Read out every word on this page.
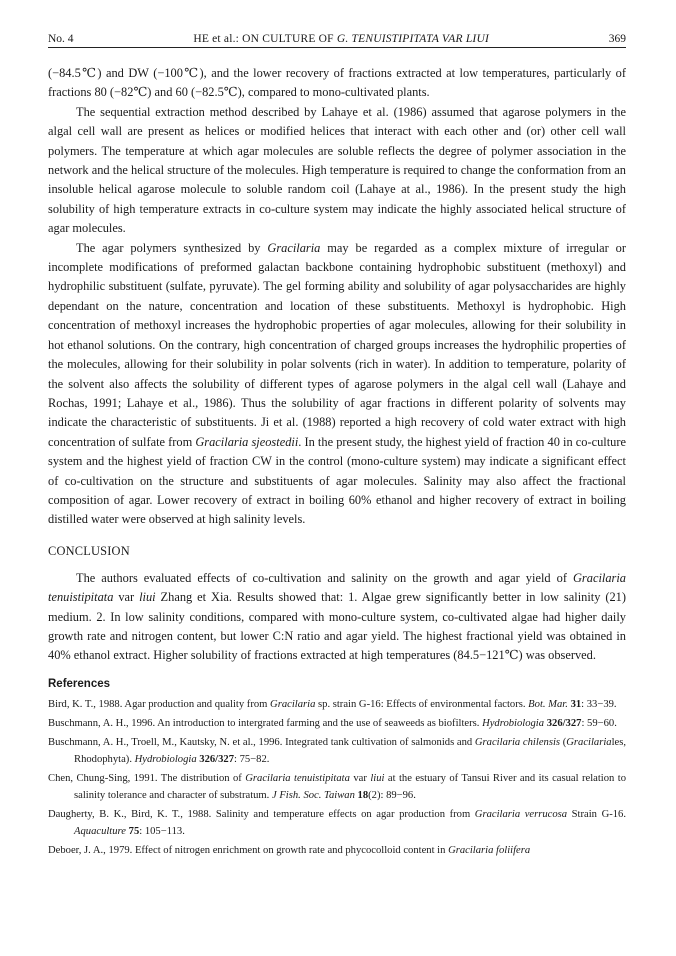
No. 4	HE et al.: ON CULTURE OF G. TENUISTIPITATA VAR LIUI	369

(−84.5℃) and DW (−100℃), and the lower recovery of fractions extracted at low temperatures, particularly of fractions 80 (−82℃) and 60 (−82.5℃), compared to mono-cultivated plants.

The sequential extraction method described by Lahaye et al. (1986) assumed that agarose polymers in the algal cell wall are present as helices or modified helices that interact with each other and (or) other cell wall polymers. The temperature at which agar molecules are soluble reflects the degree of polymer association in the network and the helical structure of the molecules. High temperature is required to change the conformation from an insoluble helical agarose molecule to soluble random coil (Lahaye at al., 1986). In the present study the high solubility of high temperature extracts in co-culture system may indicate the highly associated helical structure of agar molecules.

The agar polymers synthesized by Gracilaria may be regarded as a complex mixture of irregular or incomplete modifications of preformed galactan backbone containing hydrophobic substituent (methoxyl) and hydrophilic substituent (sulfate, pyruvate). The gel forming ability and solubility of agar polysaccharides are highly dependant on the nature, concentration and location of these substituents. Methoxyl is hydrophobic. High concentration of methoxyl increases the hydrophobic properties of agar molecules, allowing for their solubility in hot ethanol solutions. On the contrary, high concentration of charged groups increases the hydrophilic properties of the molecules, allowing for their solubility in polar solvents (rich in water). In addition to temperature, polarity of the solvent also affects the solubility of different types of agarose polymers in the algal cell wall (Lahaye and Rochas, 1991; Lahaye et al., 1986). Thus the solubility of agar fractions in different polarity of solvents may indicate the characteristic of substituents. Ji et al. (1988) reported a high recovery of cold water extract with high concentration of sulfate from Gracilaria sjeostedii. In the present study, the highest yield of fraction 40 in co-culture system and the highest yield of fraction CW in the control (mono-culture system) may indicate a significant effect of co-cultivation on the structure and substituents of agar molecules. Salinity may also affect the fractional composition of agar. Lower recovery of extract in boiling 60% ethanol and higher recovery of extract in boiling distilled water were observed at high salinity levels.

CONCLUSION

The authors evaluated effects of co-cultivation and salinity on the growth and agar yield of Gracilaria tenuistipitata var liui Zhang et Xia. Results showed that: 1. Algae grew significantly better in low salinity (21) medium. 2. In low salinity conditions, compared with mono-culture system, co-cultivated algae had higher daily growth rate and nitrogen content, but lower C:N ratio and agar yield. The highest fractional yield was obtained in 40% ethanol extract. Higher solubility of fractions extracted at high temperatures (84.5−121℃) was observed.

References

Bird, K. T., 1988. Agar production and quality from Gracilaria sp. strain G-16: Effects of environmental factors. Bot. Mar. 31: 33−39.

Buschmann, A. H., 1996. An introduction to intergrated farming and the use of seaweeds as biofilters. Hydrobiologia 326/327: 59−60.

Buschmann, A. H., Troell, M., Kautsky, N. et al., 1996. Integrated tank cultivation of salmonids and Gracilaria chilensis (Gracilariales, Rhodophyta). Hydrobiologia 326/327: 75−82.

Chen, Chung-Sing, 1991. The distribution of Gracilaria tenuistipitata var liui at the estuary of Tansui River and its casual relation to salinity tolerance and character of substratum. J Fish. Soc. Taiwan 18(2): 89−96.

Daugherty, B. K., Bird, K. T., 1988. Salinity and temperature effects on agar production from Gracilaria verrucosa Strain G-16. Aquaculture 75: 105−113.

Deboer, J. A., 1979. Effect of nitrogen enrichment on growth rate and phycocolloid content in Gracilaria foliifera
